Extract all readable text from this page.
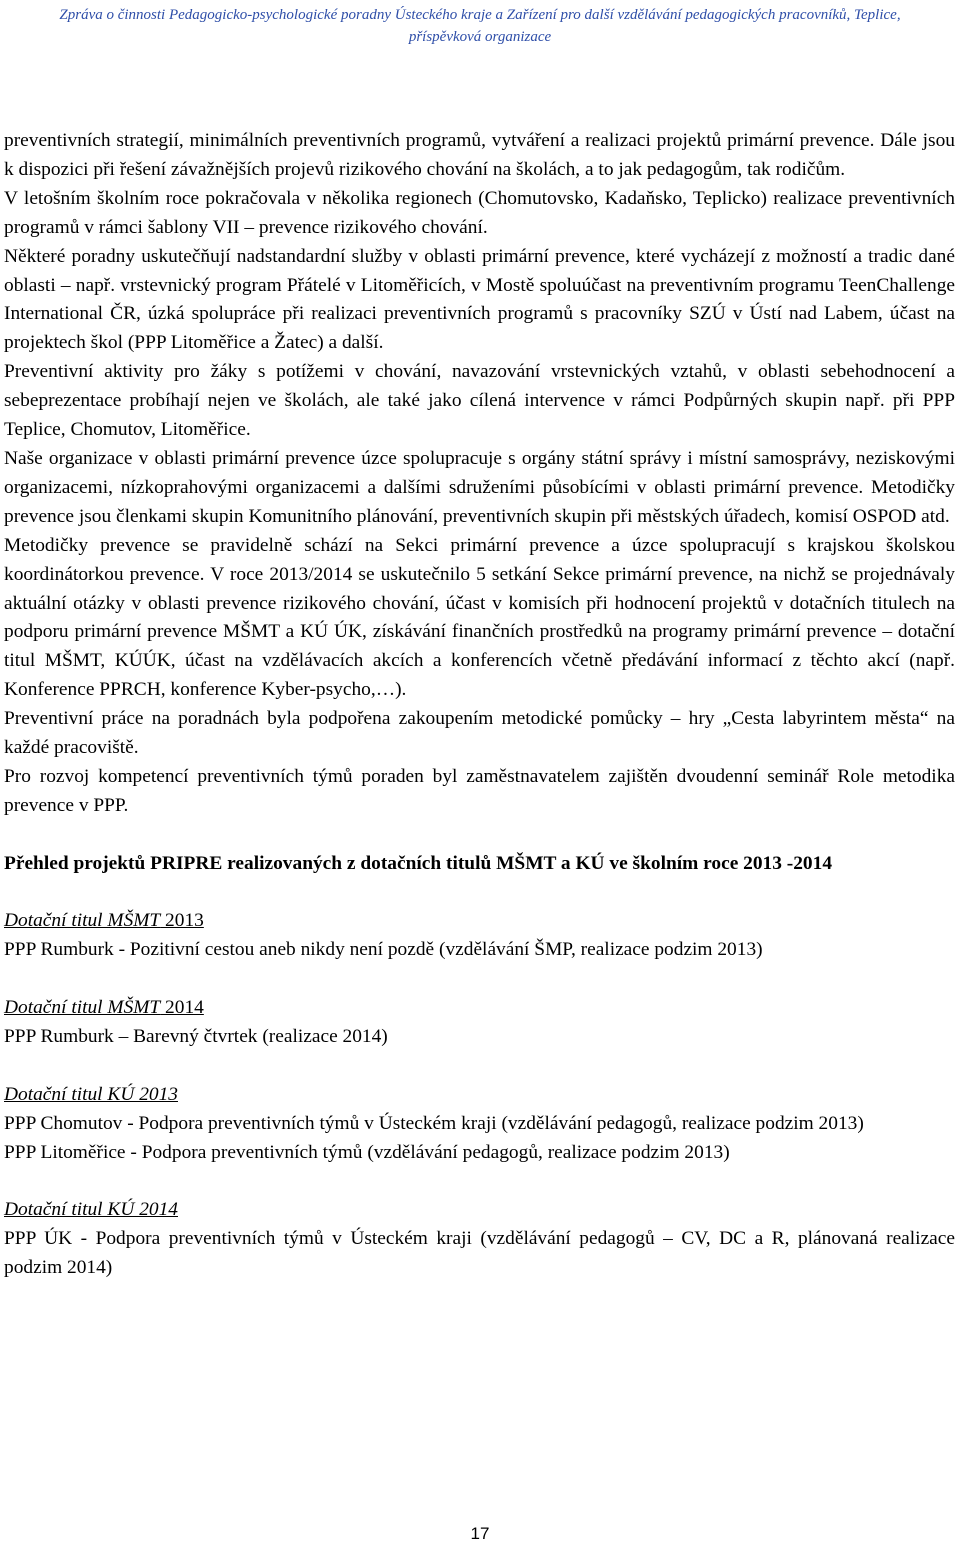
Zpráva o činnosti Pedagogicko-psychologické poradny Ústeckého kraje a Zařízení pro další vzdělávání pedagogických pracovníků, Teplice,
příspěvková organizace

preventivních strategií, minimálních preventivních programů, vytváření a realizaci projektů primární prevence. Dále jsou k dispozici při řešení závažnějších projevů rizikového chování na školách, a to jak pedagogům, tak rodičům.

V letošním školním roce pokračovala v několika regionech (Chomutovsko, Kadaňsko, Teplicko) realizace preventivních programů v rámci šablony VII – prevence rizikového chování.

Některé poradny uskutečňují nadstandardní služby v oblasti primární prevence, které vycházejí z možností a tradic dané oblasti – např. vrstevnický program Přátelé v Litoměřicích, v Mostě spoluúčast na preventivním programu TeenChallenge International ČR, úzká spolupráce při realizaci preventivních programů s pracovníky SZÚ v Ústí nad Labem, účast na projektech škol (PPP Litoměřice a Žatec) a další.

Preventivní aktivity pro žáky s potížemi v chování, navazování vrstevnických vztahů, v oblasti sebehodnocení a sebeprezentace probíhají nejen ve školách, ale také jako cílená intervence v rámci Podpůrných skupin např. při PPP Teplice, Chomutov, Litoměřice.

Naše organizace v oblasti primární prevence úzce spolupracuje s orgány státní správy i místní samosprávy, neziskovými organizacemi, nízkoprahovými organizacemi a dalšími sdruženími působícími v oblasti primární prevence. Metodičky prevence jsou členkami skupin Komunitního plánování, preventivních skupin při městských úřadech, komisí OSPOD atd.

Metodičky prevence se pravidelně schází na Sekci primární prevence a úzce spolupracují s krajskou školskou koordinátorkou prevence. V roce 2013/2014 se uskutečnilo 5 setkání Sekce primární prevence, na nichž se projednávaly aktuální otázky v oblasti prevence rizikového chování, účast v komisích při hodnocení projektů v dotačních titulech na podporu primární prevence MŠMT a KÚ ÚK, získávání finančních prostředků na programy primární prevence – dotační titul MŠMT, KÚÚK, účast na vzdělávacích akcích a konferencích včetně předávání informací z těchto akcí (např. Konference PPRCH, konference Kyber-psycho,…).

Preventivní práce na poradnách byla podpořena zakoupením metodické pomůcky – hry „Cesta labyrintem města“ na každé pracoviště.

Pro rozvoj kompetencí preventivních týmů poraden byl zaměstnavatelem zajištěn dvoudenní seminář Role metodika prevence v PPP.

Přehled projektů PRIPRE realizovaných z dotačních titulů MŠMT a KÚ ve školním roce 2013 -2014

Dotační titul MŠMT 2013

PPP Rumburk - Pozitivní cestou aneb nikdy není pozdě (vzdělávání ŠMP, realizace podzim 2013)

Dotační titul MŠMT 2014

PPP Rumburk – Barevný čtvrtek (realizace 2014)

Dotační titul KÚ 2013

PPP Chomutov - Podpora preventivních týmů v Ústeckém kraji (vzdělávání pedagogů, realizace podzim 2013)

PPP Litoměřice - Podpora preventivních týmů (vzdělávání pedagogů, realizace podzim 2013)

Dotační titul KÚ 2014

PPP ÚK - Podpora preventivních týmů v Ústeckém kraji (vzdělávání pedagogů – CV, DC a R, plánovaná realizace podzim 2014)

17
